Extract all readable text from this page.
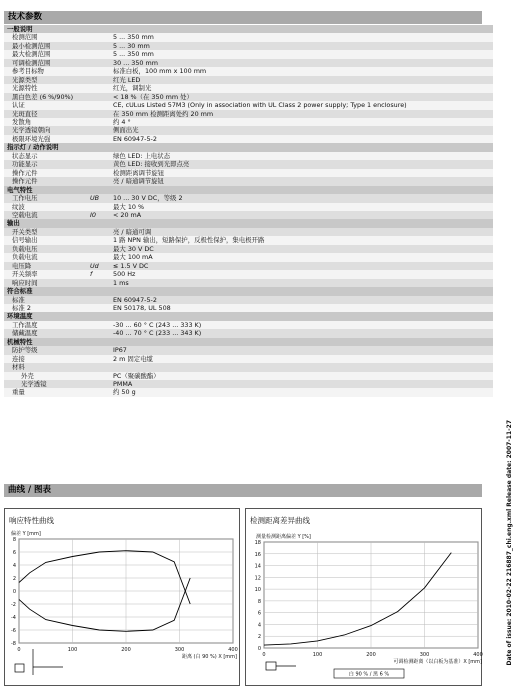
技术参数
一般说明		
检测范围		5 ... 350 mm
最小检测范围		5 ... 30 mm
最大检测范围		5 ... 350 mm
可调检测范围		30 ... 350 mm
参考目标物		标准白板，100 mm x 100 mm
光源类型		红光 LED
光源特性		红光，调制光
黑白色差 (6 %/90%)		< 18 %（在 350 mm 处）
认证		CE, cULus Listed 57M3 (Only in association with UL Class 2 power supply; Type 1 enclosure)
光斑直径		在 350 mm 检测距离处约 20 mm
发散角		约 4 °
光学透镜朝向		侧面出光
极限环境光强		EN 60947-5-2
指示灯 / 动作说明		
状态显示		绿色 LED: 上电状态
功能显示		黄色 LED: 接收到光即点亮
操作元件		检测距离调节旋钮
操作元件		亮 / 暗通调节旋钮
电气特性		
工作电压	UB	10 ... 30 V DC，等级 2
纹波		最大 10 %
空载电流	I0	< 20 mA
输出		
开关类型		亮 / 暗通可调
信号输出		1 路 NPN 输出，短路保护，反极性保护，集电极开路
负载电压		最大 30 V DC
负载电流		最大 100 mA
电压降	Ud	≤ 1.5 V DC
开关频率	f	500 Hz
响应时间		1 ms
符合标准		
标准		EN 60947-5-2
标准 2		EN 50178, UL 508
环境温度		
工作温度		-30 ... 60 ° C (243 ... 333 K)
储藏温度		-40 ... 70 ° C (233 ... 343 K)
机械特性		
防护等级		IP67
连接		2 m 固定电缆
材料		
外壳		PC（聚碳酸酯）
光学透镜		PMMA
重量		约 50 g
曲线 / 图表
响应特性曲线
8
6
4
2
0
-2
-4
-6
-8
0	100	200	300	400
偏差 Y [mm]
距离 (白 90 %) X [mm]
检测距离差异曲线
18
16
14
12
10
8
6
4
2
0
0	100	200	300	400
测量检测距离偏差 Y [%]
可调检测距离（以白板为基准）X [mm]
白 90 % / 黑 6 %
Date of issue: 2010-02-22 216887_chi.eng.xml Release date: 2007-11-27
